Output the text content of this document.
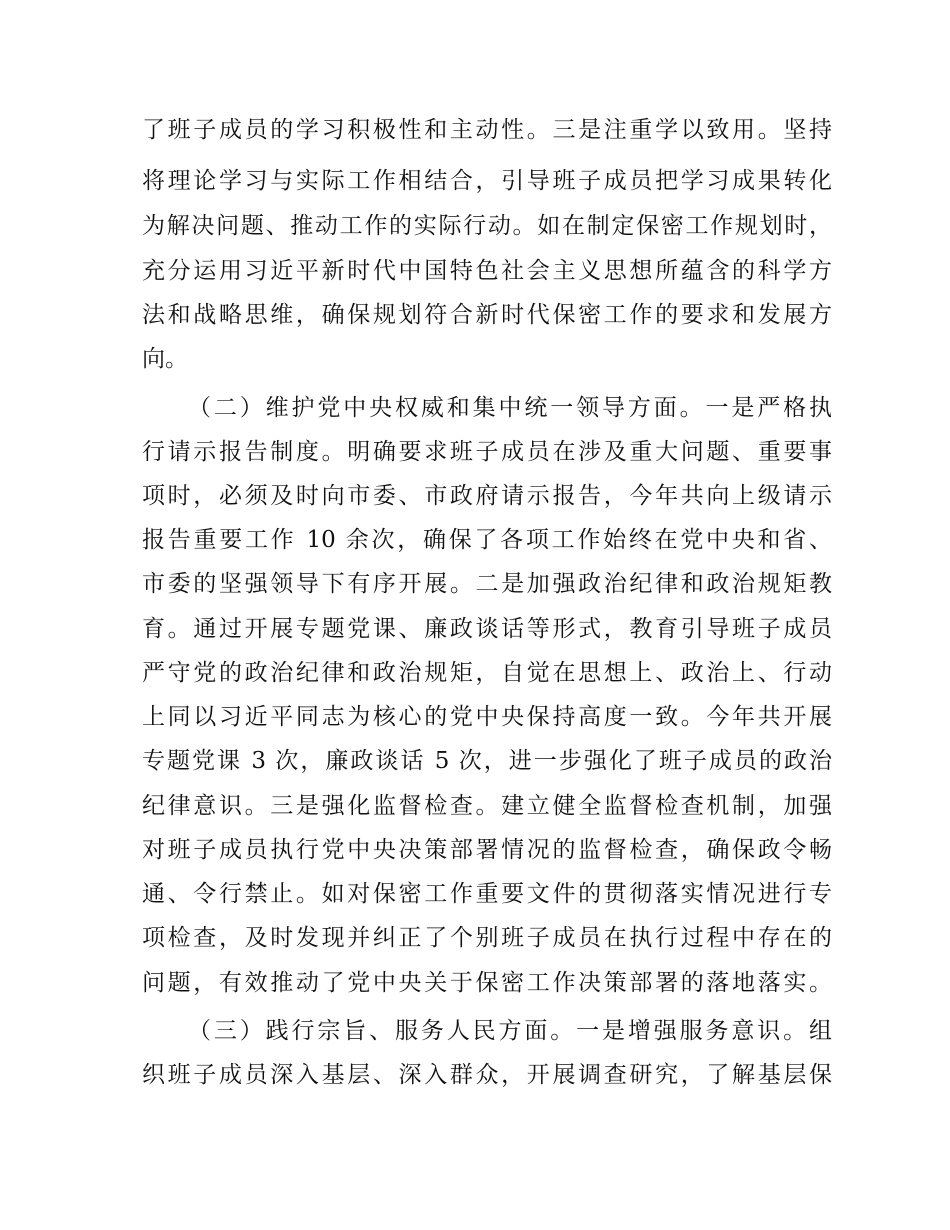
了班子成员的学习积极性和主动性。三是注重学以致用。坚持
将理论学习与实际工作相结合，引导班子成员把学习成果转化
为解决问题、推动工作的实际行动。如在制定保密工作规划时，
充分运用习近平新时代中国特色社会主义思想所蕴含的科学方
法和战略思维，确保规划符合新时代保密工作的要求和发展方
向。
（二）维护党中央权威和集中统一领导方面。一是严格执
行请示报告制度。明确要求班子成员在涉及重大问题、重要事
项时，必须及时向市委、市政府请示报告，今年共向上级请示
报告重要工作 10 余次，确保了各项工作始终在党中央和省、
市委的坚强领导下有序开展。二是加强政治纪律和政治规矩教
育。通过开展专题党课、廉政谈话等形式，教育引导班子成员
严守党的政治纪律和政治规矩，自觉在思想上、政治上、行动
上同以习近平同志为核心的党中央保持高度一致。今年共开展
专题党课 3 次，廉政谈话 5 次，进一步强化了班子成员的政治
纪律意识。三是强化监督检查。建立健全监督检查机制，加强
对班子成员执行党中央决策部署情况的监督检查，确保政令畅
通、令行禁止。如对保密工作重要文件的贯彻落实情况进行专
项检查，及时发现并纠正了个别班子成员在执行过程中存在的
问题，有效推动了党中央关于保密工作决策部署的落地落实。
（三）践行宗旨、服务人民方面。一是增强服务意识。组
织班子成员深入基层、深入群众，开展调查研究，了解基层保
